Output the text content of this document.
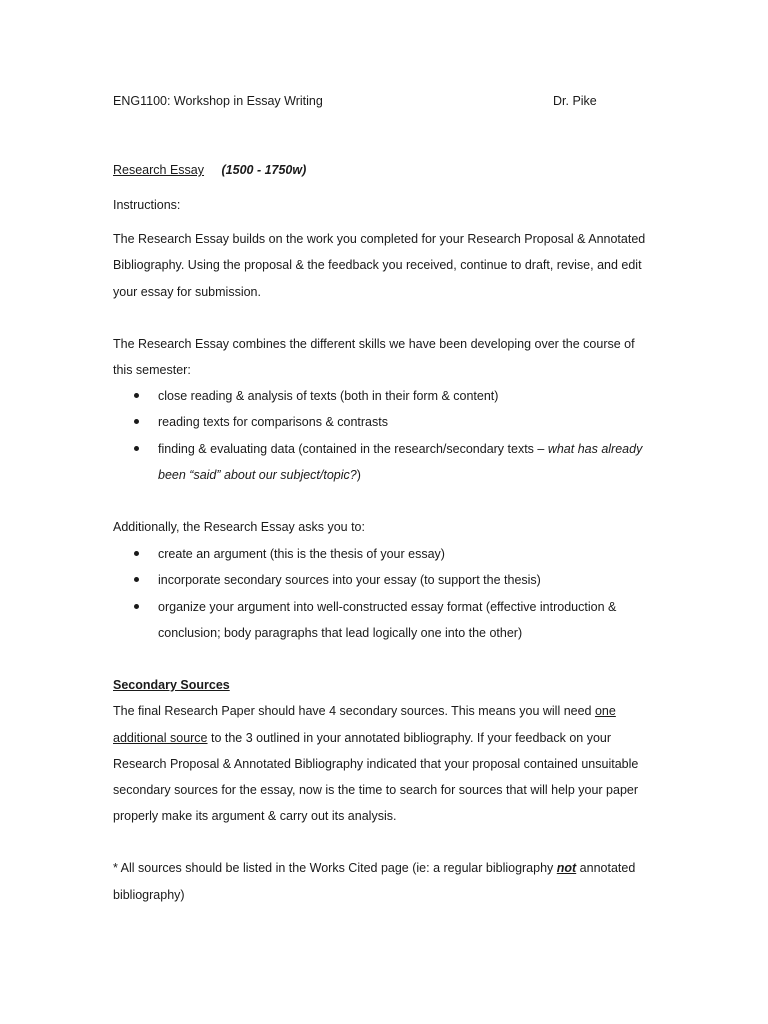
ENG1100: Workshop in Essay Writing	Dr. Pike
Research Essay (1500 - 1750w)
Instructions:
The Research Essay builds on the work you completed for your Research Proposal & Annotated
Bibliography. Using the proposal & the feedback you received, continue to draft, revise, and edit
your essay for submission.
The Research Essay combines the different skills we have been developing over the course of
this semester:
close reading & analysis of texts (both in their form & content)
reading texts for comparisons & contrasts
finding & evaluating data (contained in the research/secondary texts – what has already
been “said” about our subject/topic?)
Additionally, the Research Essay asks you to:
create an argument (this is the thesis of your essay)
incorporate secondary sources into your essay (to support the thesis)
organize your argument into well-constructed essay format (effective introduction &
conclusion; body paragraphs that lead logically one into the other)
Secondary Sources
The final Research Paper should have 4 secondary sources. This means you will need one
additional source to the 3 outlined in your annotated bibliography. If your feedback on your
Research Proposal & Annotated Bibliography indicated that your proposal contained unsuitable
secondary sources for the essay, now is the time to search for sources that will help your paper
properly make its argument & carry out its analysis.
* All sources should be listed in the Works Cited page (ie: a regular bibliography not annotated
bibliography)
